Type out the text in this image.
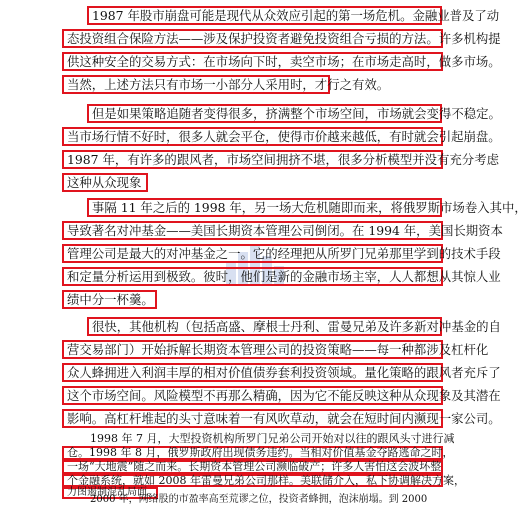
1987 年股市崩盘可能是现代从众效应引起的第一场危机。金融业普及了动
态投资组合保险方法——涉及保护投资者避免投资组合亏损的方法。许多机构提
供这种安全的交易方式：在市场向下时，卖空市场；在市场走高时，做多市场。
当然，上述方法只有市场一小部分人采用时，才行之有效。
但是如果策略追随者变得很多，挤满整个市场空间，市场就会变得不稳定。
当市场行情不好时，很多人就会平仓，使得市价越来越低，有时就会引起崩盘。
1987 年，有许多的跟风者，市场空间拥挤不堪，很多分析模型并没有充分考虑
这种从众现象
事隔 11 年之后的 1998 年，另一场大危机随即而来，将俄罗斯市场卷入其中，
导致著名对冲基金——美国长期资本管理公司倒闭。在 1994 年，美国长期资本
管理公司是最大的对冲基金之一。它的经理把从所罗门兄弟那里学到的技术手段
和定量分析运用到极致。彼时，他们是新的金融市场主宰，人人都想从其惊人业
绩中分一杯羹。
很快，其他机构（包括高盛、摩根士丹利、雷曼兄弟及许多新对冲基金的自
营交易部门）开始拆解长期资本管理公司的投资策略——每一种都涉及杠杆化
众人蜂拥进入利润丰厚的相对价值债券套利投资领域。量化策略的跟风者充斥了
这个市场空间。风险模型不再那么精确，因为它不能反映这种从众现象及其潜在
影响。高杠杆堆起的头寸意味着一有风吹草动，就会在短时间内濒现一家公司。
1998 年 7 月，大型投资机构所罗门兄弟公司开始对以往的跟风头寸进行减
仓。1998 年 8 月，俄罗斯政府出现债务违约。当相对价值基金夺路逃命之时，
一场“大地震”随之而来。长期资本管理公司濒临破产；许多人害怕这会波坏整
个金融系统，就如 2008 年雷曼兄弟公司那样。美联储介入，私下协调解决方案，
力图遏制混乱局面。
2000 年，网络股的市盈率高至荒谬之位，投资者蜂拥，泡沫崩塌。到 2000
